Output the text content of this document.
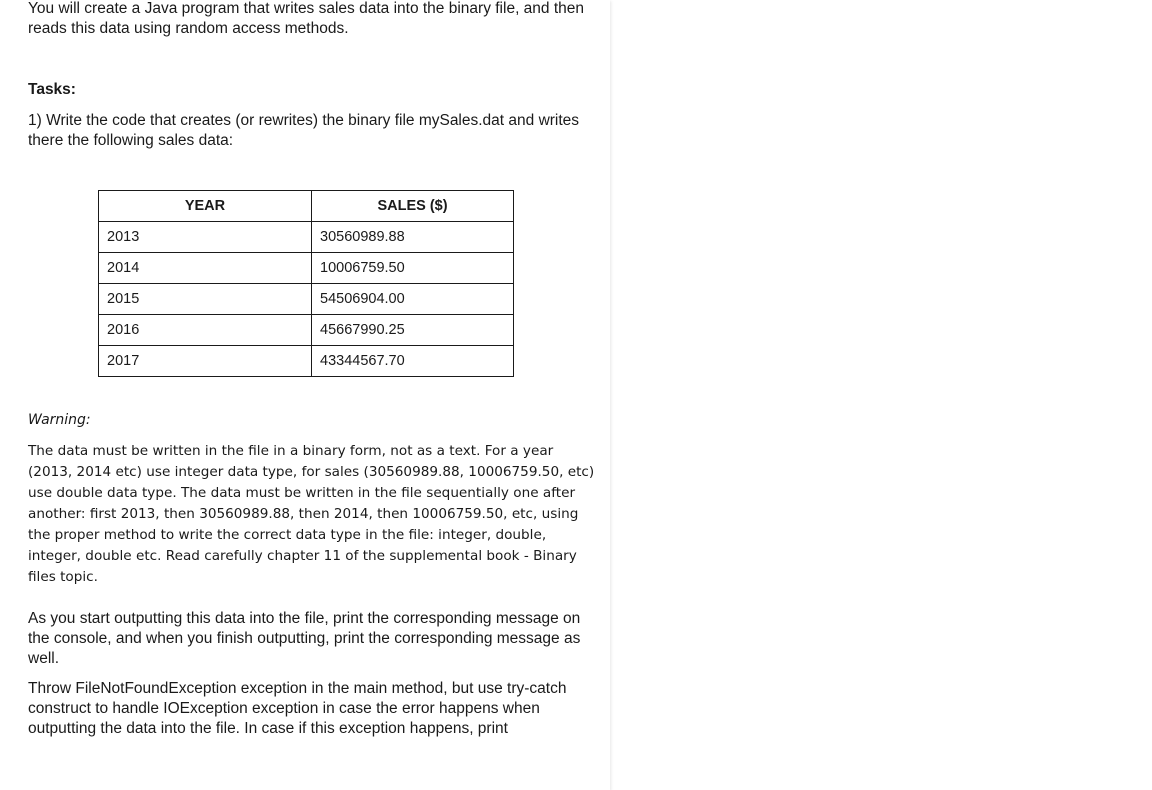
You will create a Java program that writes sales data into the binary file, and then reads this data using random access methods.

Tasks:

1) Write the code that creates (or rewrites) the binary file mySales.dat and writes there the following sales data:

YEAR	SALES ($)
2013	30560989.88
2014	10006759.50
2015	54506904.00
2016	45667990.25
2017	43344567.70

Warning:

The data must be written in the file in a binary form, not as a text. For a year (2013, 2014 etc) use integer data type, for sales (30560989.88, 10006759.50, etc) use double data type. The data must be written in the file sequentially one after another: first 2013, then 30560989.88, then 2014, then 10006759.50, etc, using the proper method to write the correct data type in the file: integer, double, integer, double etc. Read carefully chapter 11 of the supplemental book - Binary files topic.

As you start outputting this data into the file, print the corresponding message on the console, and when you finish outputting, print the corresponding message as well.

Throw FileNotFoundException exception in the main method, but use try-catch construct to handle IOException exception in case the error happens when outputting the data into the file. In case if this exception happens, print
